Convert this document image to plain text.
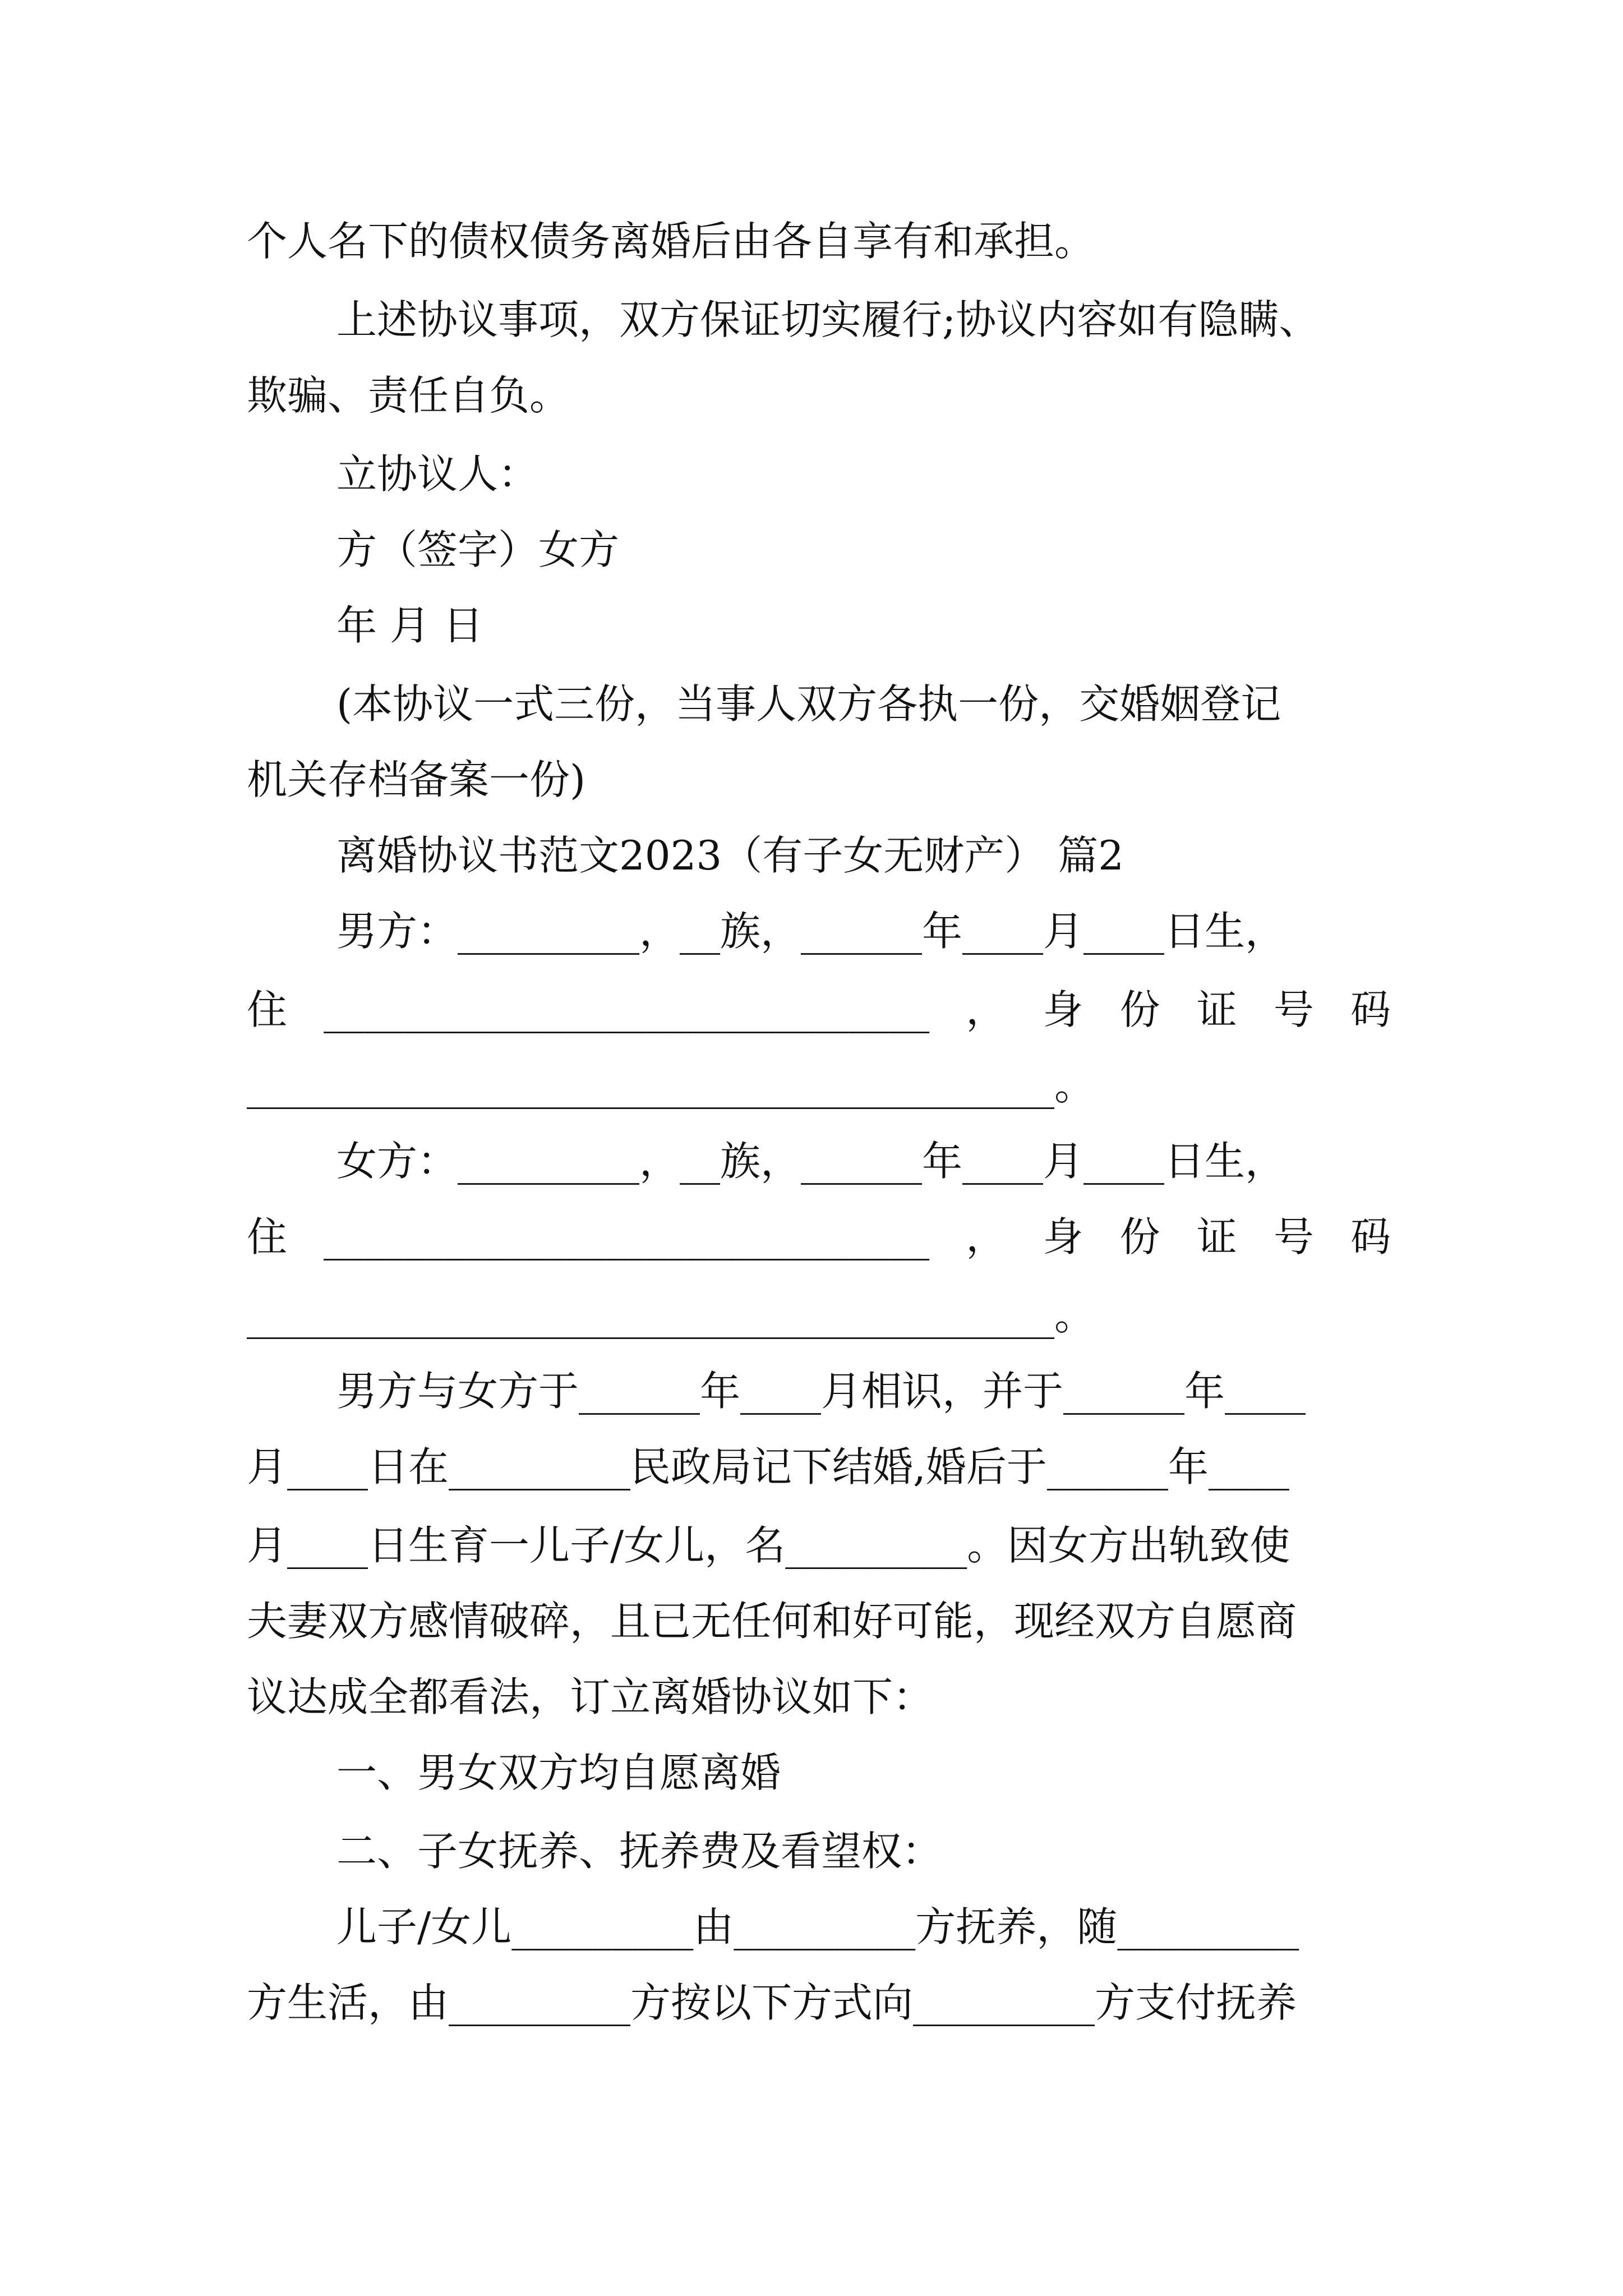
个人名下的债权债务离婚后由各自享有和承担。
上述协议事项，双方保证切实履行;协议内容如有隐瞒、
欺骗、责任自负。
立协议人：
方（签字）女方
年 月 日
(本协议一式三份，当事人双方各执一份，交婚姻登记
机关存档备案一份)
离婚协议书范文2023（有子女无财产） 篇2
男方：_________，__族，______年____月____日生，
住 ______________________________ ， 身 份 证 号 码
________________________________________。
女方：_________，__族，______年____月____日生，
住 ______________________________ ， 身 份 证 号 码
________________________________________。
男方与女方于______年____月相识，并于______年____
月____日在_________民政局记下结婚,婚后于______年____
月____日生育一儿子/女儿，名_________。因女方出轨致使
夫妻双方感情破碎，且已无任何和好可能，现经双方自愿商
议达成全都看法，订立离婚协议如下：
一、男女双方均自愿离婚
二、子女抚养、抚养费及看望权：
儿子/女儿_________由_________方抚养，随_________
方生活，由_________方按以下方式向_________方支付抚养
